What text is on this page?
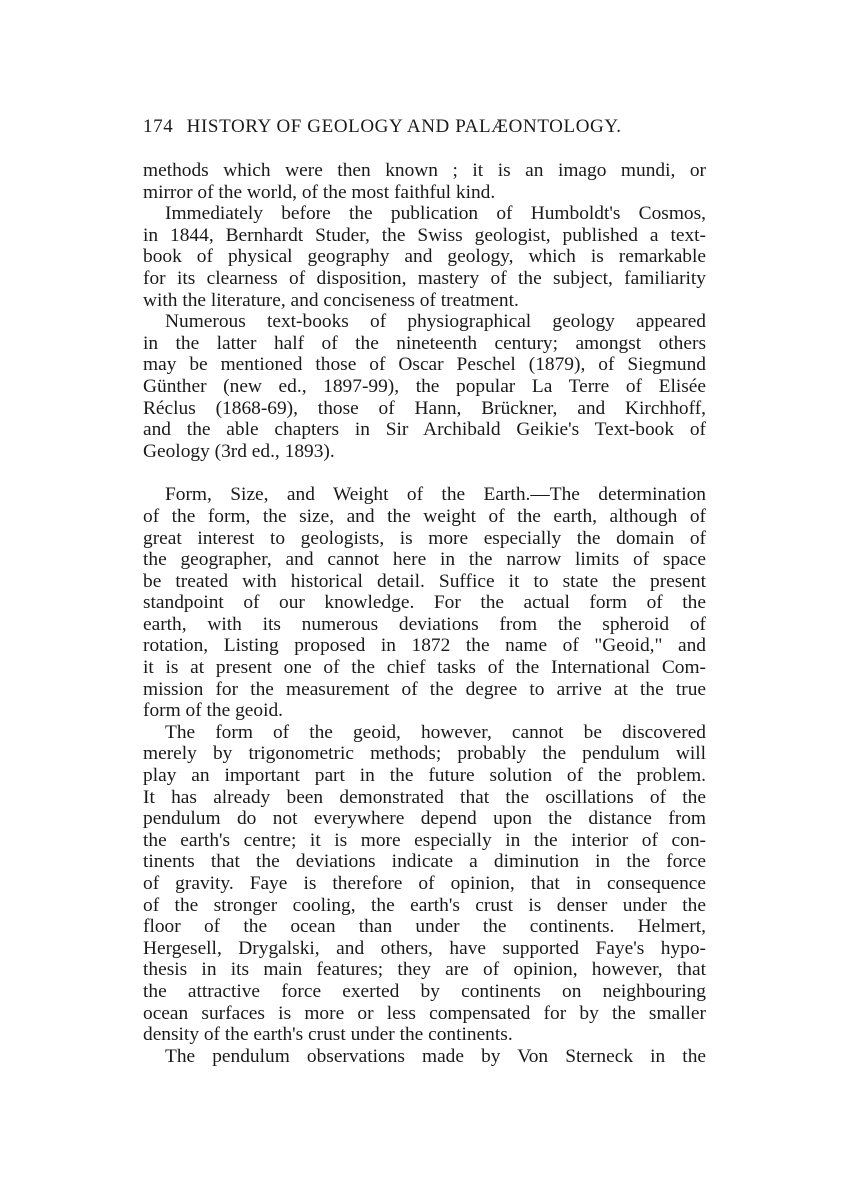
174 HISTORY OF GEOLOGY AND PALÆONTOLOGY.
methods which were then known ; it is an imago mundi, or
mirror of the world, of the most faithful kind.
Immediately before the publication of Humboldt's Cosmos,
in 1844, Bernhardt Studer, the Swiss geologist, published a text-
book of physical geography and geology, which is remarkable
for its clearness of disposition, mastery of the subject, familiarity
with the literature, and conciseness of treatment.
Numerous text-books of physiographical geology appeared
in the latter half of the nineteenth century; amongst others
may be mentioned those of Oscar Peschel (1879), of Siegmund
Günther (new ed., 1897-99), the popular La Terre of Elisée
Réclus (1868-69), those of Hann, Brückner, and Kirchhoff,
and the able chapters in Sir Archibald Geikie's Text-book of
Geology (3rd ed., 1893).
Form, Size, and Weight of the Earth.—The determination
of the form, the size, and the weight of the earth, although of
great interest to geologists, is more especially the domain of
the geographer, and cannot here in the narrow limits of space
be treated with historical detail. Suffice it to state the present
standpoint of our knowledge. For the actual form of the
earth, with its numerous deviations from the spheroid of
rotation, Listing proposed in 1872 the name of "Geoid," and
it is at present one of the chief tasks of the International Com-
mission for the measurement of the degree to arrive at the true
form of the geoid.
The form of the geoid, however, cannot be discovered
merely by trigonometric methods; probably the pendulum will
play an important part in the future solution of the problem.
It has already been demonstrated that the oscillations of the
pendulum do not everywhere depend upon the distance from
the earth's centre; it is more especially in the interior of con-
tinents that the deviations indicate a diminution in the force
of gravity. Faye is therefore of opinion, that in consequence
of the stronger cooling, the earth's crust is denser under the
floor of the ocean than under the continents. Helmert,
Hergesell, Drygalski, and others, have supported Faye's hypo-
thesis in its main features; they are of opinion, however, that
the attractive force exerted by continents on neighbouring
ocean surfaces is more or less compensated for by the smaller
density of the earth's crust under the continents.
The pendulum observations made by Von Sterneck in the
